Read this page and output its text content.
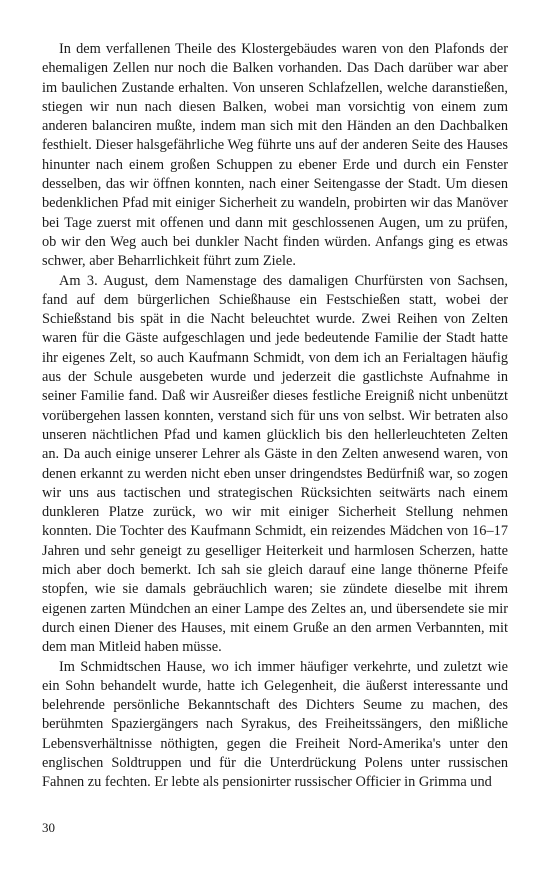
In dem verfallenen Theile des Klostergebäudes waren von den Plafonds der ehemaligen Zellen nur noch die Balken vorhanden. Das Dach darüber war aber im baulichen Zustande erhalten. Von unseren Schlafzellen, welche daranstießen, stiegen wir nun nach diesen Balken, wobei man vorsichtig von einem zum anderen balanciren mußte, indem man sich mit den Händen an den Dachbalken festhielt. Dieser halsgefährliche Weg führte uns auf der anderen Seite des Hauses hinunter nach einem großen Schuppen zu ebener Erde und durch ein Fenster desselben, das wir öffnen konnten, nach einer Seitengasse der Stadt. Um diesen bedenklichen Pfad mit einiger Sicherheit zu wandeln, probirten wir das Manöver bei Tage zuerst mit offenen und dann mit geschlossenen Augen, um zu prüfen, ob wir den Weg auch bei dunkler Nacht finden würden. Anfangs ging es etwas schwer, aber Beharrlichkeit führt zum Ziele.

Am 3. August, dem Namenstage des damaligen Churfürsten von Sachsen, fand auf dem bürgerlichen Schießhause ein Festschießen statt, wobei der Schießstand bis spät in die Nacht beleuchtet wurde. Zwei Reihen von Zelten waren für die Gäste aufgeschlagen und jede bedeutende Familie der Stadt hatte ihr eigenes Zelt, so auch Kaufmann Schmidt, von dem ich an Ferialtagen häufig aus der Schule ausgebeten wurde und jederzeit die gastlichste Aufnahme in seiner Familie fand. Daß wir Ausreißer dieses festliche Ereigniß nicht unbenützt vorübergehen lassen konnten, verstand sich für uns von selbst. Wir betraten also unseren nächtlichen Pfad und kamen glücklich bis den hellerleuchteten Zelten an. Da auch einige unserer Lehrer als Gäste in den Zelten anwesend waren, von denen erkannt zu werden nicht eben unser dringendstes Bedürfniß war, so zogen wir uns aus tactischen und strategischen Rücksichten seitwärts nach einem dunkleren Platze zurück, wo wir mit einiger Sicherheit Stellung nehmen konnten. Die Tochter des Kaufmann Schmidt, ein reizendes Mädchen von 16–17 Jahren und sehr geneigt zu geselliger Heiterkeit und harmlosen Scherzen, hatte mich aber doch bemerkt. Ich sah sie gleich darauf eine lange thönerne Pfeife stopfen, wie sie damals gebräuchlich waren; sie zündete dieselbe mit ihrem eigenen zarten Mündchen an einer Lampe des Zeltes an, und übersendete sie mir durch einen Diener des Hauses, mit einem Gruße an den armen Verbannten, mit dem man Mitleid haben müsse.

Im Schmidtschen Hause, wo ich immer häufiger verkehrte, und zuletzt wie ein Sohn behandelt wurde, hatte ich Gelegenheit, die äußerst interessante und belehrende persönliche Bekanntschaft des Dichters Seume zu machen, des berühmten Spaziergängers nach Syrakus, des Freiheitssängers, den mißliche Lebensverhältnisse nöthigten, gegen die Freiheit Nord-Amerika's unter den englischen Soldtruppen und für die Unterdrückung Polens unter russischen Fahnen zu fechten. Er lebte als pensionirter russischer Officier in Grimma und

30
